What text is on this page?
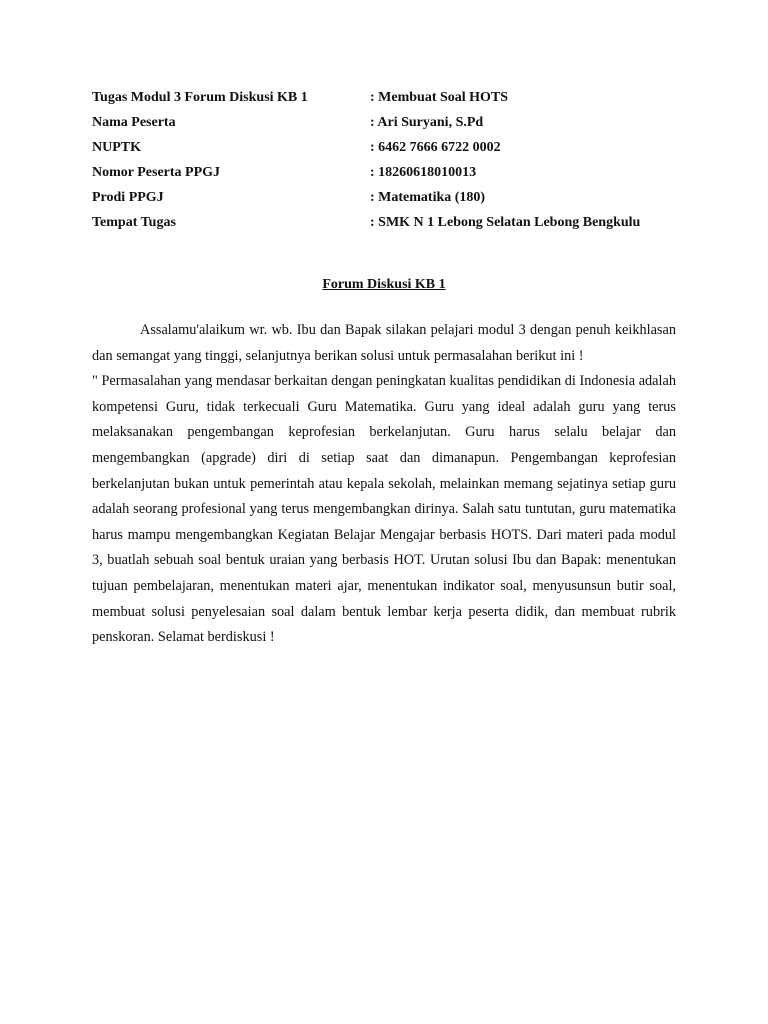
Tugas Modul 3 Forum Diskusi KB 1	: Membuat Soal HOTS
Nama Peserta	: Ari Suryani, S.Pd
NUPTK	: 6462 7666 6722 0002
Nomor Peserta PPGJ	: 18260618010013
Prodi PPGJ	: Matematika (180)
Tempat Tugas	: SMK N 1 Lebong Selatan Lebong Bengkulu
Forum Diskusi KB 1

Assalamu'alaikum wr. wb. Ibu dan Bapak silakan pelajari modul 3 dengan penuh keikhlasan dan semangat yang tinggi, selanjutnya berikan solusi untuk permasalahan berikut ini !

" Permasalahan yang mendasar berkaitan dengan peningkatan kualitas pendidikan di Indonesia adalah kompetensi Guru, tidak terkecuali Guru Matematika. Guru yang ideal adalah guru yang terus melaksanakan pengembangan keprofesian berkelanjutan. Guru harus selalu belajar dan mengembangkan (apgrade) diri di setiap saat dan dimanapun. Pengembangan keprofesian berkelanjutan bukan untuk pemerintah atau kepala sekolah, melainkan memang sejatinya setiap guru adalah seorang profesional yang terus mengembangkan dirinya. Salah satu tuntutan, guru matematika harus mampu mengembangkan Kegiatan Belajar Mengajar berbasis HOTS. Dari materi pada modul 3, buatlah sebuah soal bentuk uraian yang berbasis HOT. Urutan solusi Ibu dan Bapak: menentukan tujuan pembelajaran, menentukan materi ajar, menentukan indikator soal, menyusunsun butir soal, membuat solusi penyelesaian soal dalam bentuk lembar kerja peserta didik, dan membuat rubrik penskoran. Selamat berdiskusi !
